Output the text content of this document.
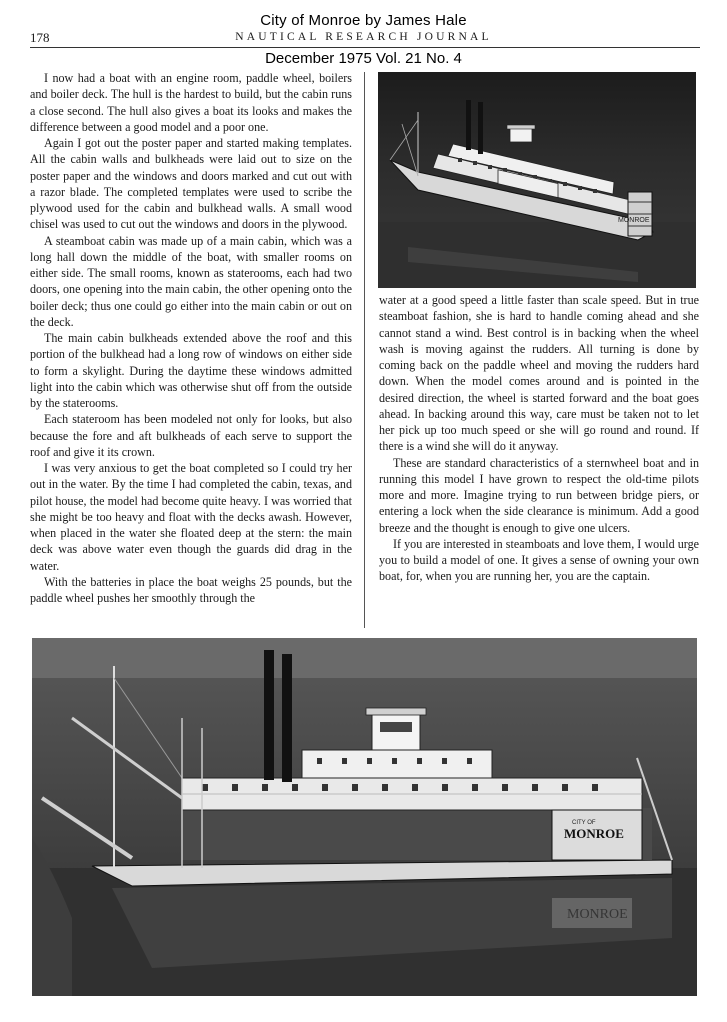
City of Monroe by James Hale
178	NAUTICAL RESEARCH JOURNAL
December 1975 Vol. 21 No. 4

I now had a boat with an engine room, paddle wheel, boilers and boiler deck. The hull is the hardest to build, but the cabin runs a close second. The hull also gives a boat its looks and makes the difference between a good model and a poor one.

Again I got out the poster paper and started making templates. All the cabin walls and bulkheads were laid out to size on the poster paper and the windows and doors marked and cut out with a razor blade. The completed templates were used to scribe the plywood used for the cabin and bulkhead walls. A small wood chisel was used to cut out the windows and doors in the plywood.

A steamboat cabin was made up of a main cabin, which was a long hall down the middle of the boat, with smaller rooms on either side. The small rooms, known as staterooms, each had two doors, one opening into the main cabin, the other opening onto the boiler deck; thus one could go either into the main cabin or out on the deck.

The main cabin bulkheads extended above the roof and this portion of the bulkhead had a long row of windows on either side to form a skylight. During the daytime these windows admitted light into the cabin which was otherwise shut off from the outside by the staterooms.

Each stateroom has been modeled not only for looks, but also because the fore and aft bulkheads of each serve to support the roof and give it its crown.

I was very anxious to get the boat completed so I could try her out in the water. By the time I had completed the cabin, texas, and pilot house, the model had become quite heavy. I was worried that she might be too heavy and float with the decks awash. However, when placed in the water she floated deep at the stern: the main deck was above water even though the guards did drag in the water.

With the batteries in place the boat weighs 25 pounds, but the paddle wheel pushes her smoothly through the

MONROE

water at a good speed a little faster than scale speed. But in true steamboat fashion, she is hard to handle coming ahead and she cannot stand a wind. Best control is in backing when the wheel wash is moving against the rudders. All turning is done by coming back on the paddle wheel and moving the rudders hard down. When the model comes around and is pointed in the desired direction, the wheel is started forward and the boat goes ahead. In backing around this way, care must be taken not to let her pick up too much speed or she will go round and round. If there is a wind she will do it anyway.

These are standard characteristics of a sternwheel boat and in running this model I have grown to respect the old-time pilots more and more. Imagine trying to run between bridge piers, or entering a lock when the side clearance is minimum. Add a good breeze and the thought is enough to give one ulcers.

If you are interested in steamboats and love them, I would urge you to build a model of one. It gives a sense of owning your own boat, for, when you are running her, you are the captain.

MONROE
CITY OF
MONROE
